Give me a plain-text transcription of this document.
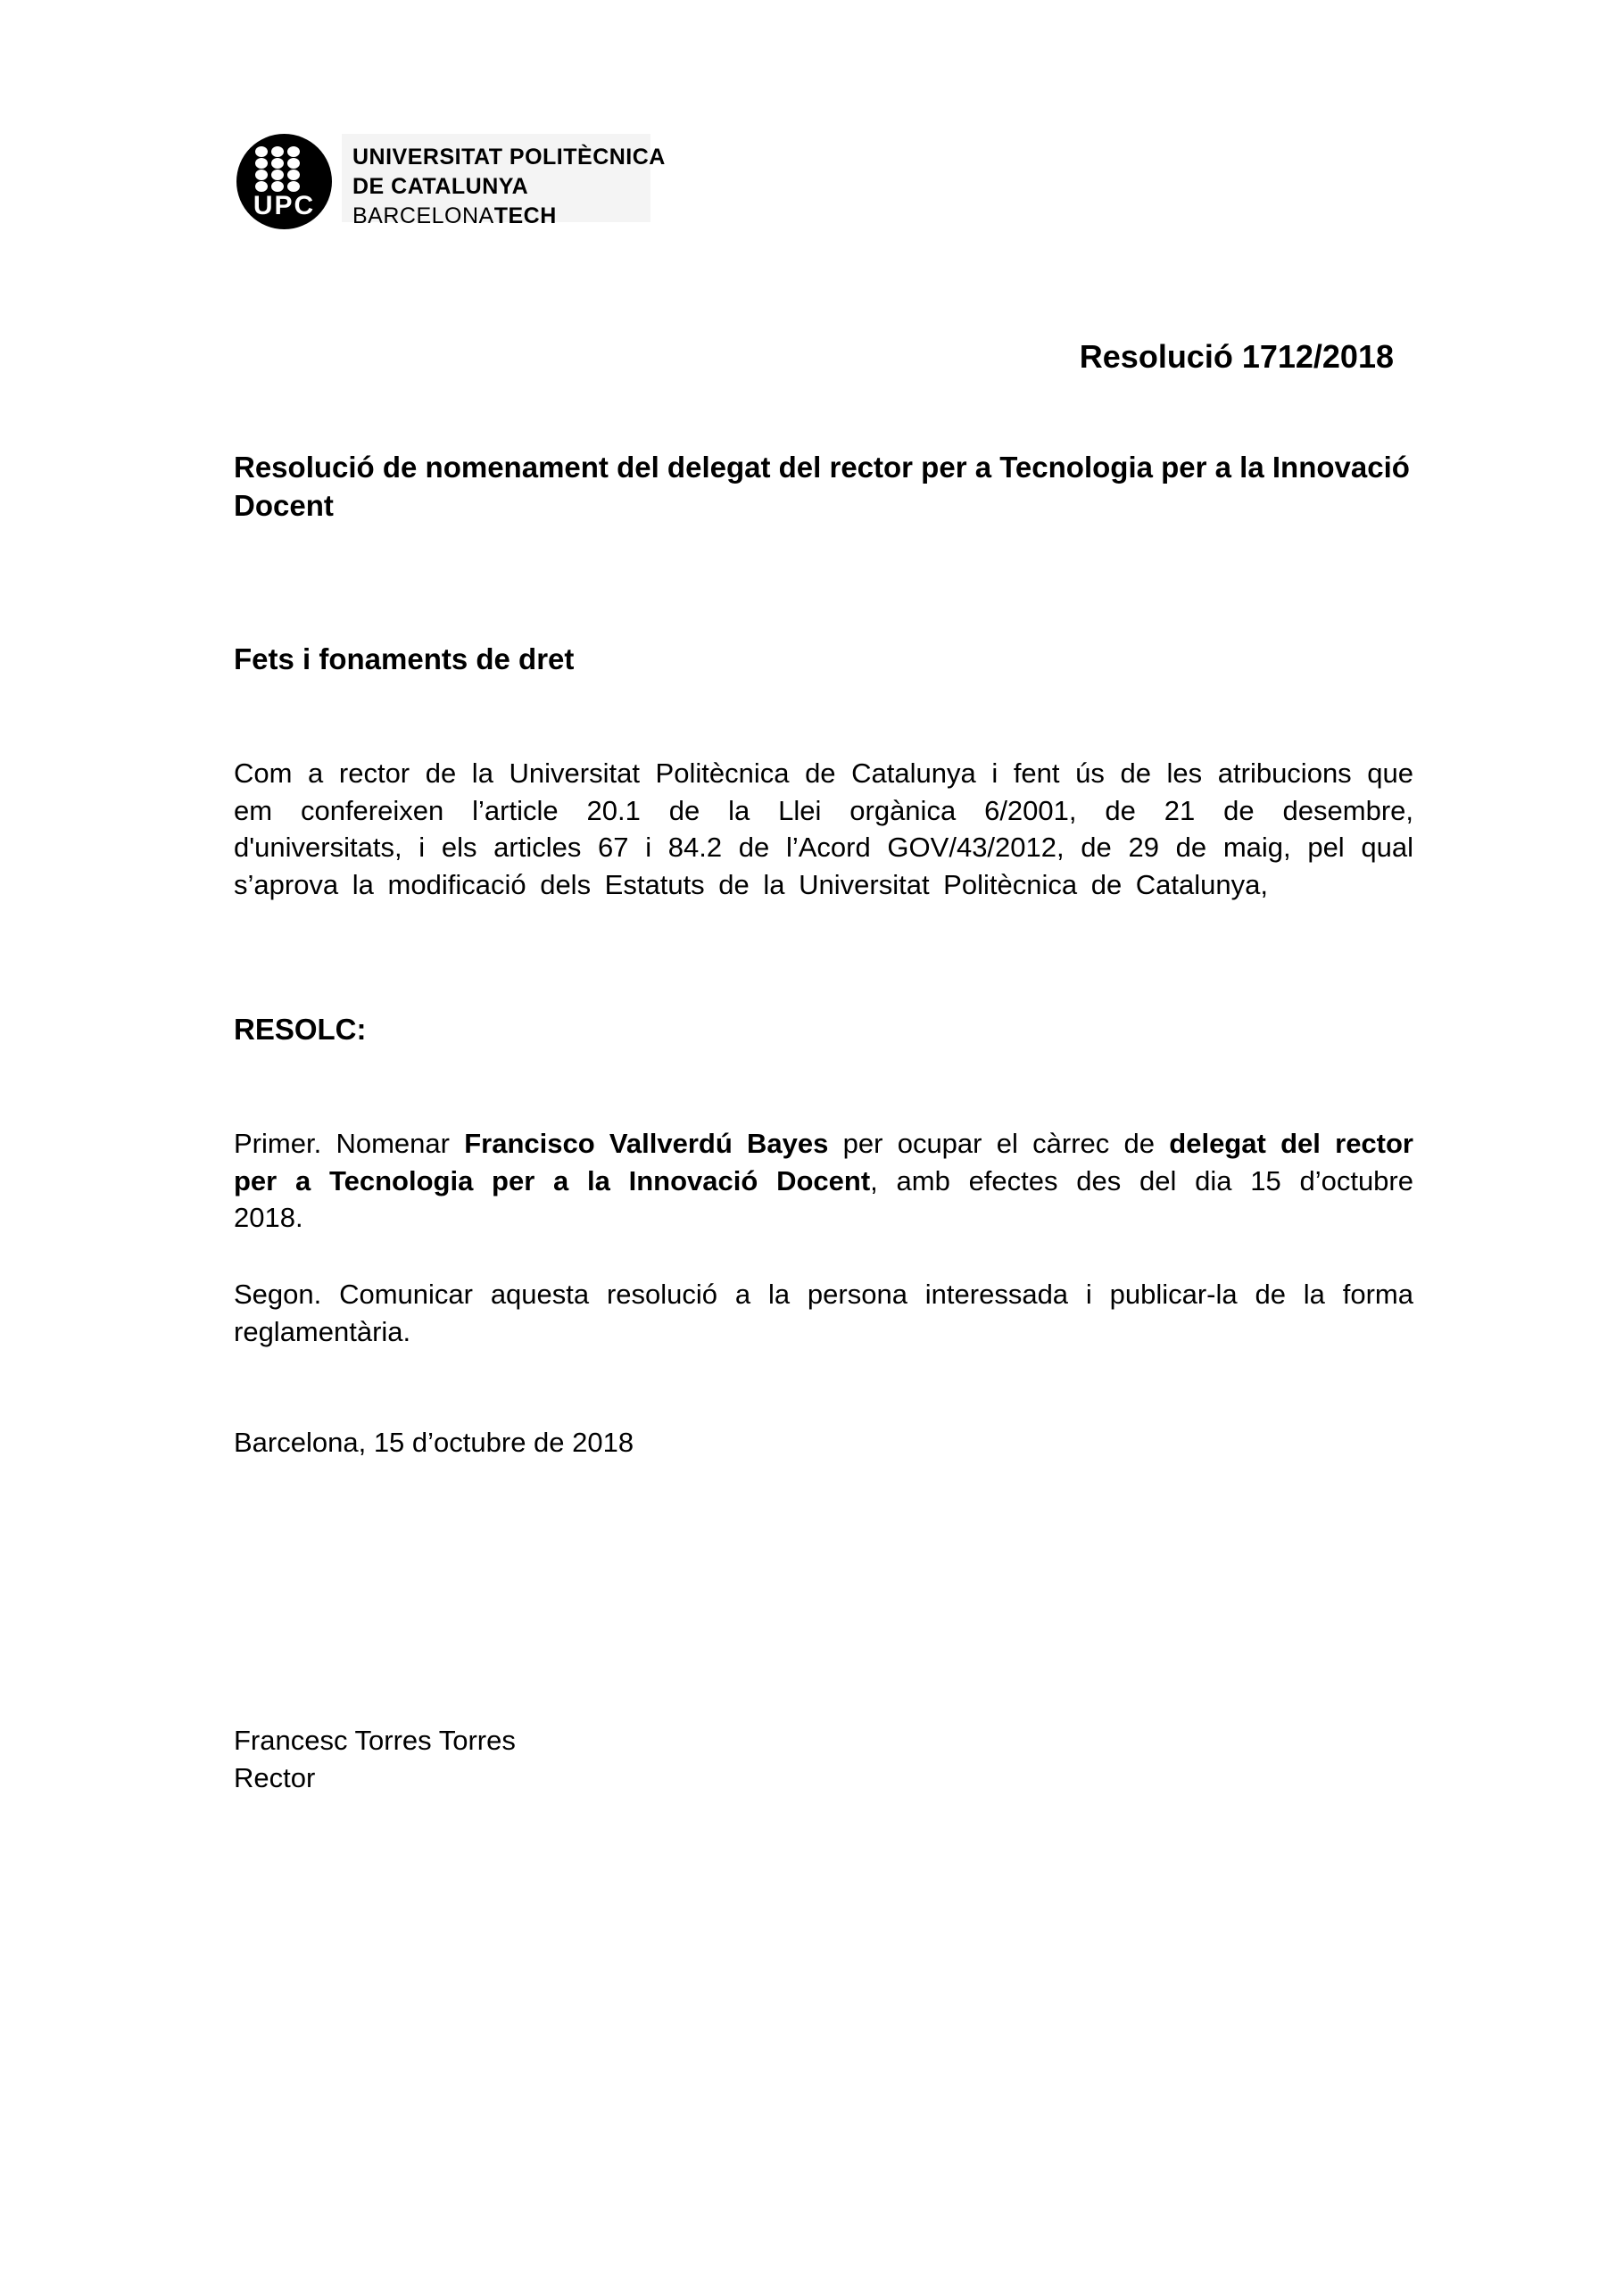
UPC
UNIVERSITAT POLITÈCNICA
DE CATALUNYA
BARCELONATECH
Resolució 1712/2018
Resolució de nomenament del delegat del rector per a Tecnologia per a la Innovació Docent
Fets i fonaments de dret
Com a rector de la Universitat Politècnica de Catalunya i fent ús de les atribucions que em confereixen l’article 20.1 de la Llei orgànica 6/2001, de 21 de desembre, d'universitats, i els articles 67 i 84.2 de l’Acord GOV/43/2012, de 29 de maig, pel qual s’aprova la modificació dels Estatuts de la Universitat Politècnica de Catalunya,
RESOLC:
Primer. Nomenar Francisco Vallverdú Bayes per ocupar el càrrec de delegat del rector per a Tecnologia per a la Innovació Docent, amb efectes des del dia 15 d’octubre 2018.
Segon. Comunicar aquesta resolució a la persona interessada i publicar-la de la forma reglamentària.
Barcelona, 15 d’octubre de 2018
Francesc Torres Torres
Rector
